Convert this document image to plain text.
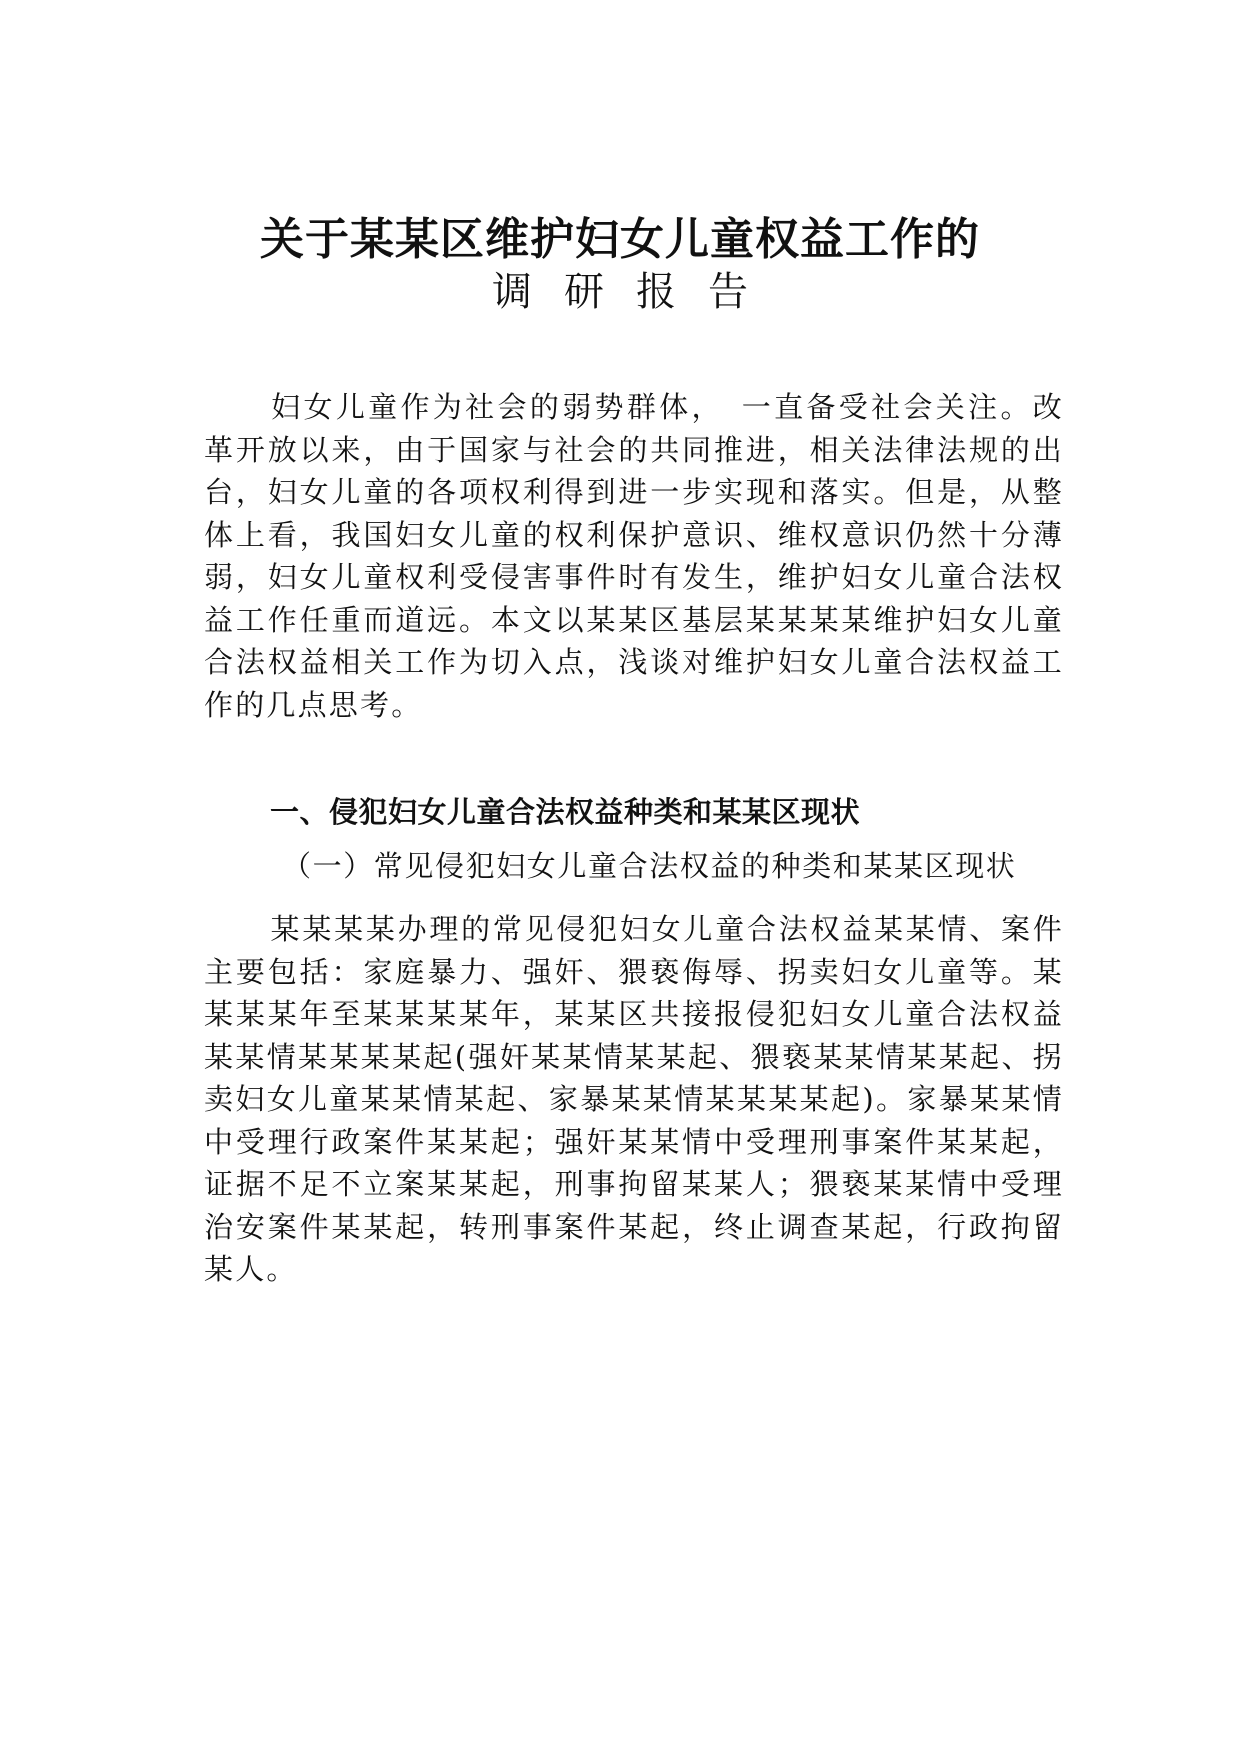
关于某某区维护妇女儿童权益工作的
调研报告
妇女儿童作为社会的弱势群体，　一直备受社会关注。改革开放以来，由于国家与社会的共同推进，相关法律法规的出台，妇女儿童的各项权利得到进一步实现和落实。但是，从整体上看，我国妇女儿童的权利保护意识、维权意识仍然十分薄弱，妇女儿童权利受侵害事件时有发生，维护妇女儿童合法权益工作任重而道远。本文以某某区基层某某某某维护妇女儿童合法权益相关工作为切入点，浅谈对维护妇女儿童合法权益工作的几点思考。
一、侵犯妇女儿童合法权益种类和某某区现状
（一）常见侵犯妇女儿童合法权益的种类和某某区现状
某某某某办理的常见侵犯妇女儿童合法权益某某情、案件主要包括：家庭暴力、强奸、猥亵侮辱、拐卖妇女儿童等。某某某某年至某某某某年，某某区共接报侵犯妇女儿童合法权益某某情某某某某起(强奸某某情某某起、猥亵某某情某某起、拐卖妇女儿童某某情某起、家暴某某情某某某某起)。家暴某某情中受理行政案件某某起；强奸某某情中受理刑事案件某某起，证据不足不立案某某起，刑事拘留某某人；猥亵某某情中受理治安案件某某起，转刑事案件某起，终止调查某起，行政拘留某人。
